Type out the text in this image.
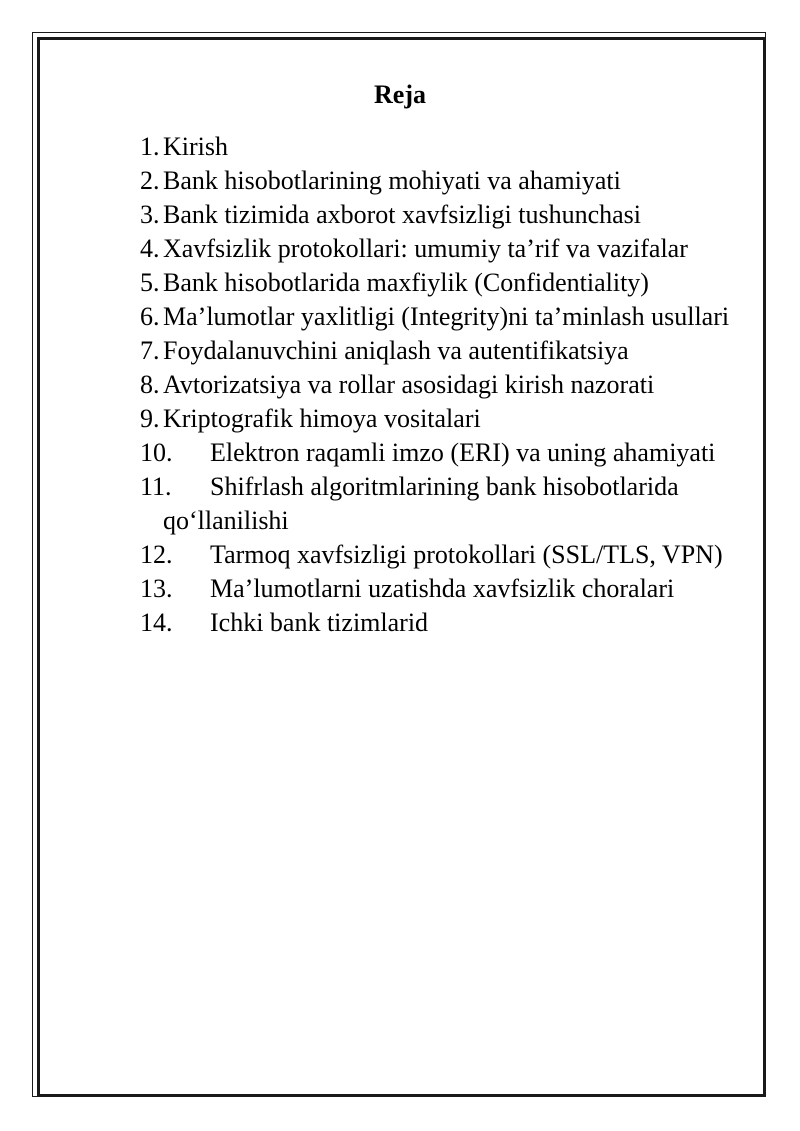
Reja
1. Kirish
2. Bank hisobotlarining mohiyati va ahamiyati
3. Bank tizimida axborot xavfsizligi tushunchasi
4. Xavfsizlik protokollari: umumiy ta’rif va vazifalar
5. Bank hisobotlarida maxfiylik (Confidentiality)
6. Ma’lumotlar yaxlitligi (Integrity)ni ta’minlash usullari
7. Foydalanuvchini aniqlash va autentifikatsiya
8. Avtorizatsiya va rollar asosidagi kirish nazorati
9. Kriptografik himoya vositalari
10.	Elektron raqamli imzo (ERI) va uning ahamiyati
11.	Shifrlash algoritmlarining bank hisobotlarida qo‘llanilishi
12.	Tarmoq xavfsizligi protokollari (SSL/TLS, VPN)
13.	Ma’lumotlarni uzatishda xavfsizlik choralari
14.	Ichki bank tizimlarid
